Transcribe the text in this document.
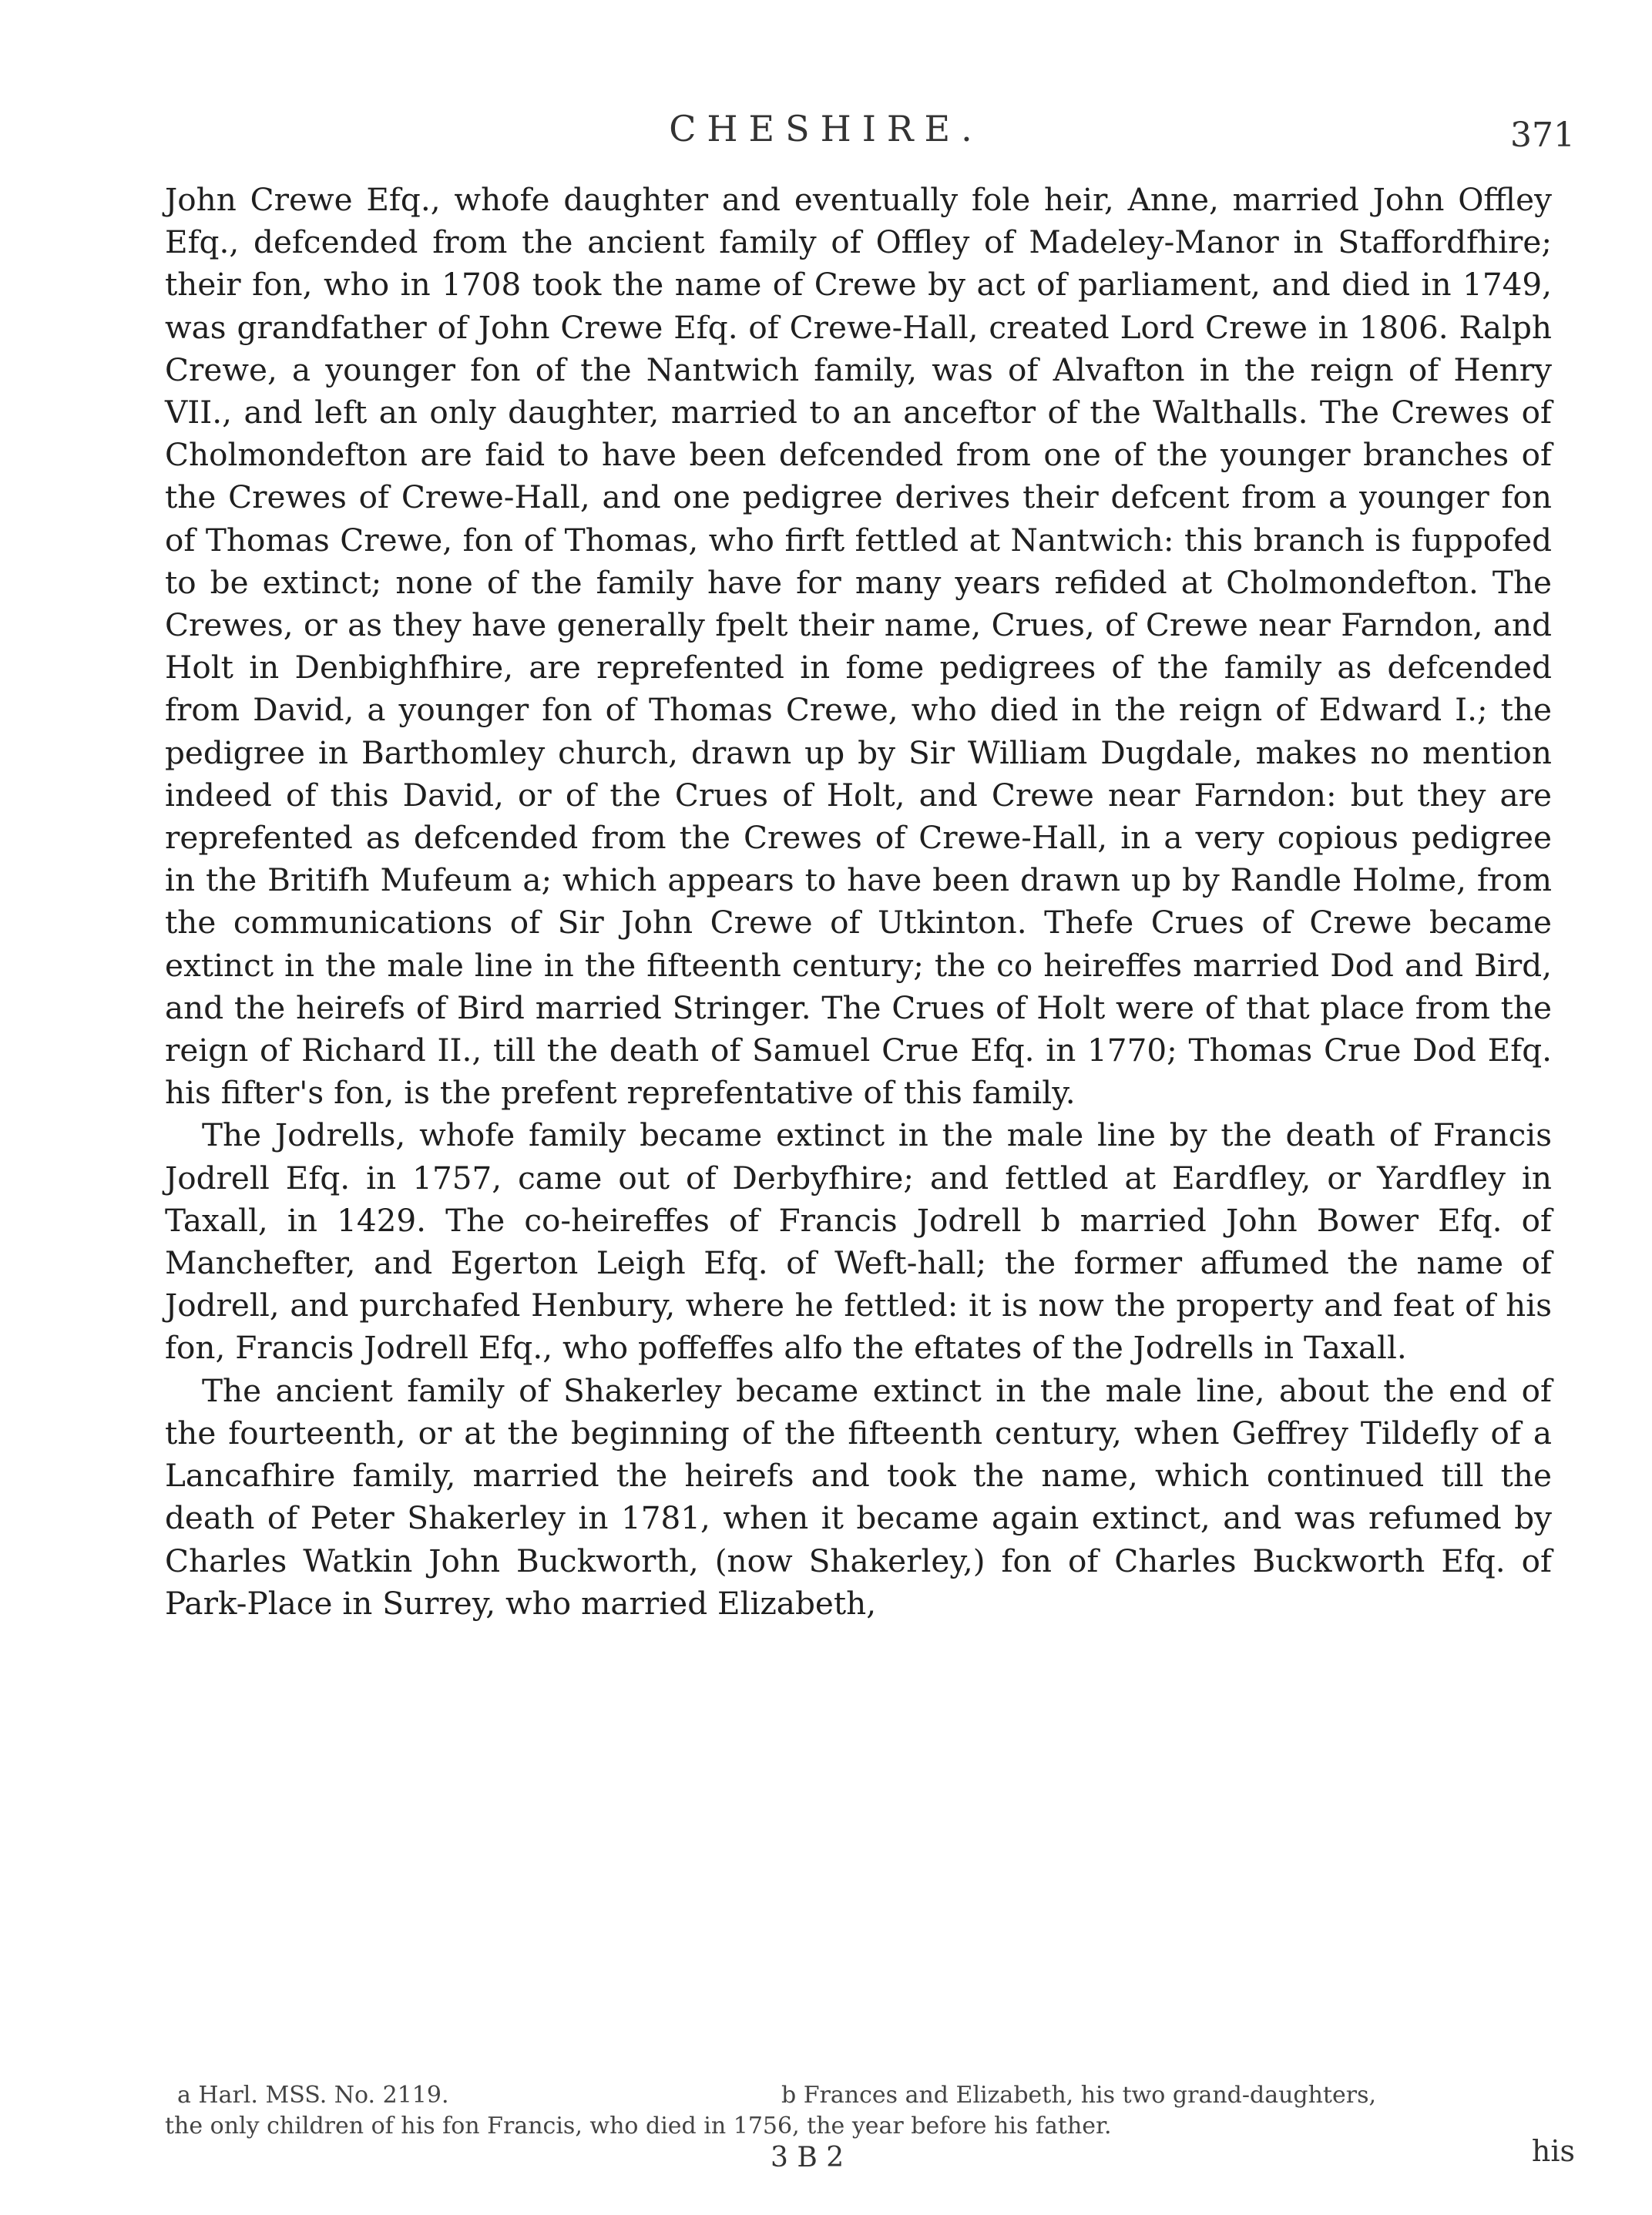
CHESHIRE.	371

John Crewe Efq., whofe daughter and eventually fole heir, Anne, married John Offley Efq., defcended from the ancient family of Offley of Madeley-Manor in Staffordfhire; their fon, who in 1708 took the name of Crewe by act of parliament, and died in 1749, was grandfather of John Crewe Efq. of Crewe-Hall, created Lord Crewe in 1806. Ralph Crewe, a younger fon of the Nantwich family, was of Alvafton in the reign of Henry VII., and left an only daughter, married to an anceftor of the Walthalls. The Crewes of Cholmondefton are faid to have been defcended from one of the younger branches of the Crewes of Crewe-Hall, and one pedigree derives their defcent from a younger fon of Thomas Crewe, fon of Thomas, who firft fettled at Nantwich: this branch is fuppofed to be extinct; none of the family have for many years refided at Cholmondefton. The Crewes, or as they have generally fpelt their name, Crues, of Crewe near Farndon, and Holt in Denbighfhire, are reprefented in fome pedigrees of the family as defcended from David, a younger fon of Thomas Crewe, who died in the reign of Edward I.; the pedigree in Barthomley church, drawn up by Sir William Dugdale, makes no mention indeed of this David, or of the Crues of Holt, and Crewe near Farndon: but they are reprefented as defcended from the Crewes of Crewe-Hall, in a very copious pedigree in the Britifh Mufeum a; which appears to have been drawn up by Randle Holme, from the communications of Sir John Crewe of Utkinton. Thefe Crues of Crewe became extinct in the male line in the fifteenth century; the co heireffes married Dod and Bird, and the heirefs of Bird married Stringer. The Crues of Holt were of that place from the reign of Richard II., till the death of Samuel Crue Efq. in 1770; Thomas Crue Dod Efq. his fifter's fon, is the prefent reprefentative of this family.

The Jodrells, whofe family became extinct in the male line by the death of Francis Jodrell Efq. in 1757, came out of Derbyfhire; and fettled at Eardfley, or Yardfley in Taxall, in 1429. The co-heireffes of Francis Jodrell b married John Bower Efq. of Manchefter, and Egerton Leigh Efq. of Weft-hall; the former affumed the name of Jodrell, and purchafed Henbury, where he fettled: it is now the property and feat of his fon, Francis Jodrell Efq., who poffeffes alfo the eftates of the Jodrells in Taxall.

The ancient family of Shakerley became extinct in the male line, about the end of the fourteenth, or at the beginning of the fifteenth century, when Geffrey Tildefly of a Lancafhire family, married the heirefs and took the name, which continued till the death of Peter Shakerley in 1781, when it became again extinct, and was refumed by Charles Watkin John Buckworth, (now Shakerley,) fon of Charles Buckworth Efq. of Park-Place in Surrey, who married Elizabeth,

a Harl. MSS. No. 2119.	b Frances and Elizabeth, his two grand-daughters,
the only children of his fon Francis, who died in 1756, the year before his father.
3 B 2	his
